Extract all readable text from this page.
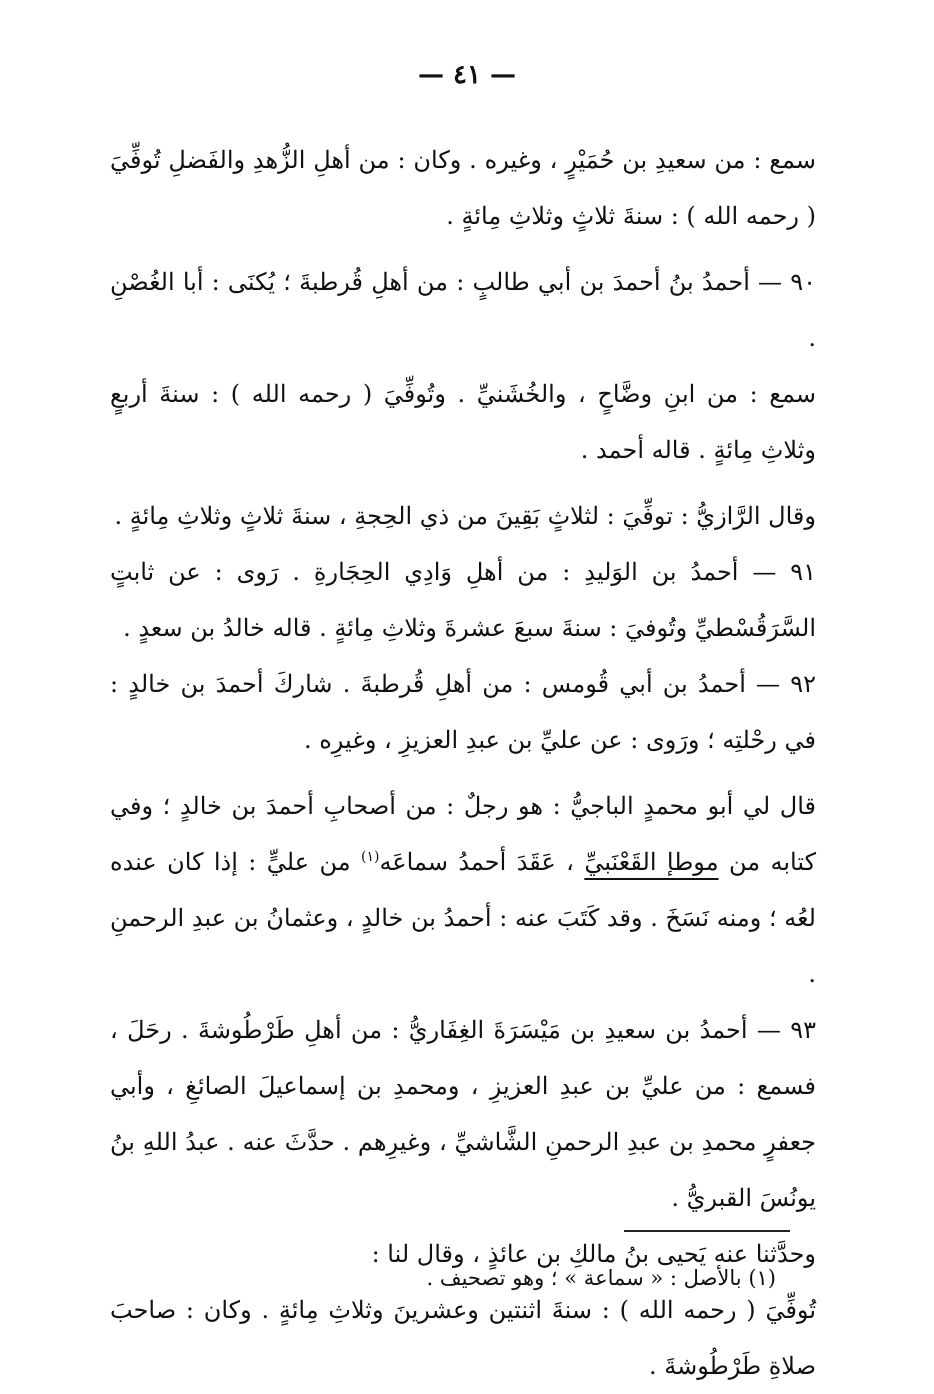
— ٤١ —

سمع : من سعيدِ بن حُمَيْرٍ ، وغيره . وكان : من أهلِ الزُّهدِ والفَضلِ تُوفِّيَ ( رحمه الله ) : سنةَ ثلاثٍ وثلاثِ مِائةٍ .

٩٠ — أحمدُ بنُ أحمدَ بن أبي طالبٍ : من أهلِ قُرطبةَ ؛ يُكنَى : أبا الغُصْنِ .

سمع : من ابنِ وضَّاحٍ ، والخُشَنيِّ . وتُوفِّيَ ( رحمه الله ) : سنةَ أربعٍ وثلاثِ مِائةٍ . قاله أحمد .

وقال الرَّازيُّ : توفِّيَ : لثلاثٍ بَقِينَ من ذي الحِجةِ ، سنةَ ثلاثٍ وثلاثِ مِائةٍ .

٩١ — أحمدُ بن الوَليدِ : من أهلِ وَادِي الحِجَارةِ . رَوى : عن ثابتٍ السَّرَقُسْطيِّ وتُوفيَ : سنةَ سبعَ عشرةَ وثلاثِ مِائةٍ . قاله خالدُ بن سعدٍ .

٩٢ — أحمدُ بن أبي قُومس : من أهلِ قُرطبةَ . شاركَ أحمدَ بن خالدٍ : في رحْلتِه ؛ ورَوى : عن عليِّ بن عبدِ العزيزِ ، وغيرِه .

قال لي أبو محمدٍ الباجيُّ : هو رجلٌ : من أصحابِ أحمدَ بن خالدٍ ؛ وفي كتابه من موطإ القَعْنَبيِّ ، عَقَدَ أحمدُ سماعَه$^{(١)}$ من عليٍّ : إذا كان عنده لعُه ؛ ومنه نَسَخَ . وقد كَتَبَ عنه : أحمدُ بن خالدٍ ، وعثمانُ بن عبدِ الرحمنِ .

٩٣ — أحمدُ بن سعيدِ بن مَيْسَرَةَ الغِفَاريُّ : من أهلِ طَرْطُوشةَ . رحَلَ ، فسمع : من عليِّ بن عبدِ العزيزِ ، ومحمدِ بن إسماعيلَ الصائغِ ، وأبي جعفرٍ محمدِ بن عبدِ الرحمنِ الشَّاشيِّ ، وغيرِهم . حدَّثَ عنه . عبدُ اللهِ بنُ يونُسَ القبريُّ .

وحدَّثنا عنه يَحيى بنُ مالكِ بن عائذٍ ، وقال لنا :

تُوفِّيَ ( رحمه الله ) : سنةَ اثنتين وعشرينَ وثلاثِ مِائةٍ . وكان : صاحبَ صلاةِ طَرْطُوشةَ .

(١) بالأصل : « سماعة » ؛ وهو تصحيف .
